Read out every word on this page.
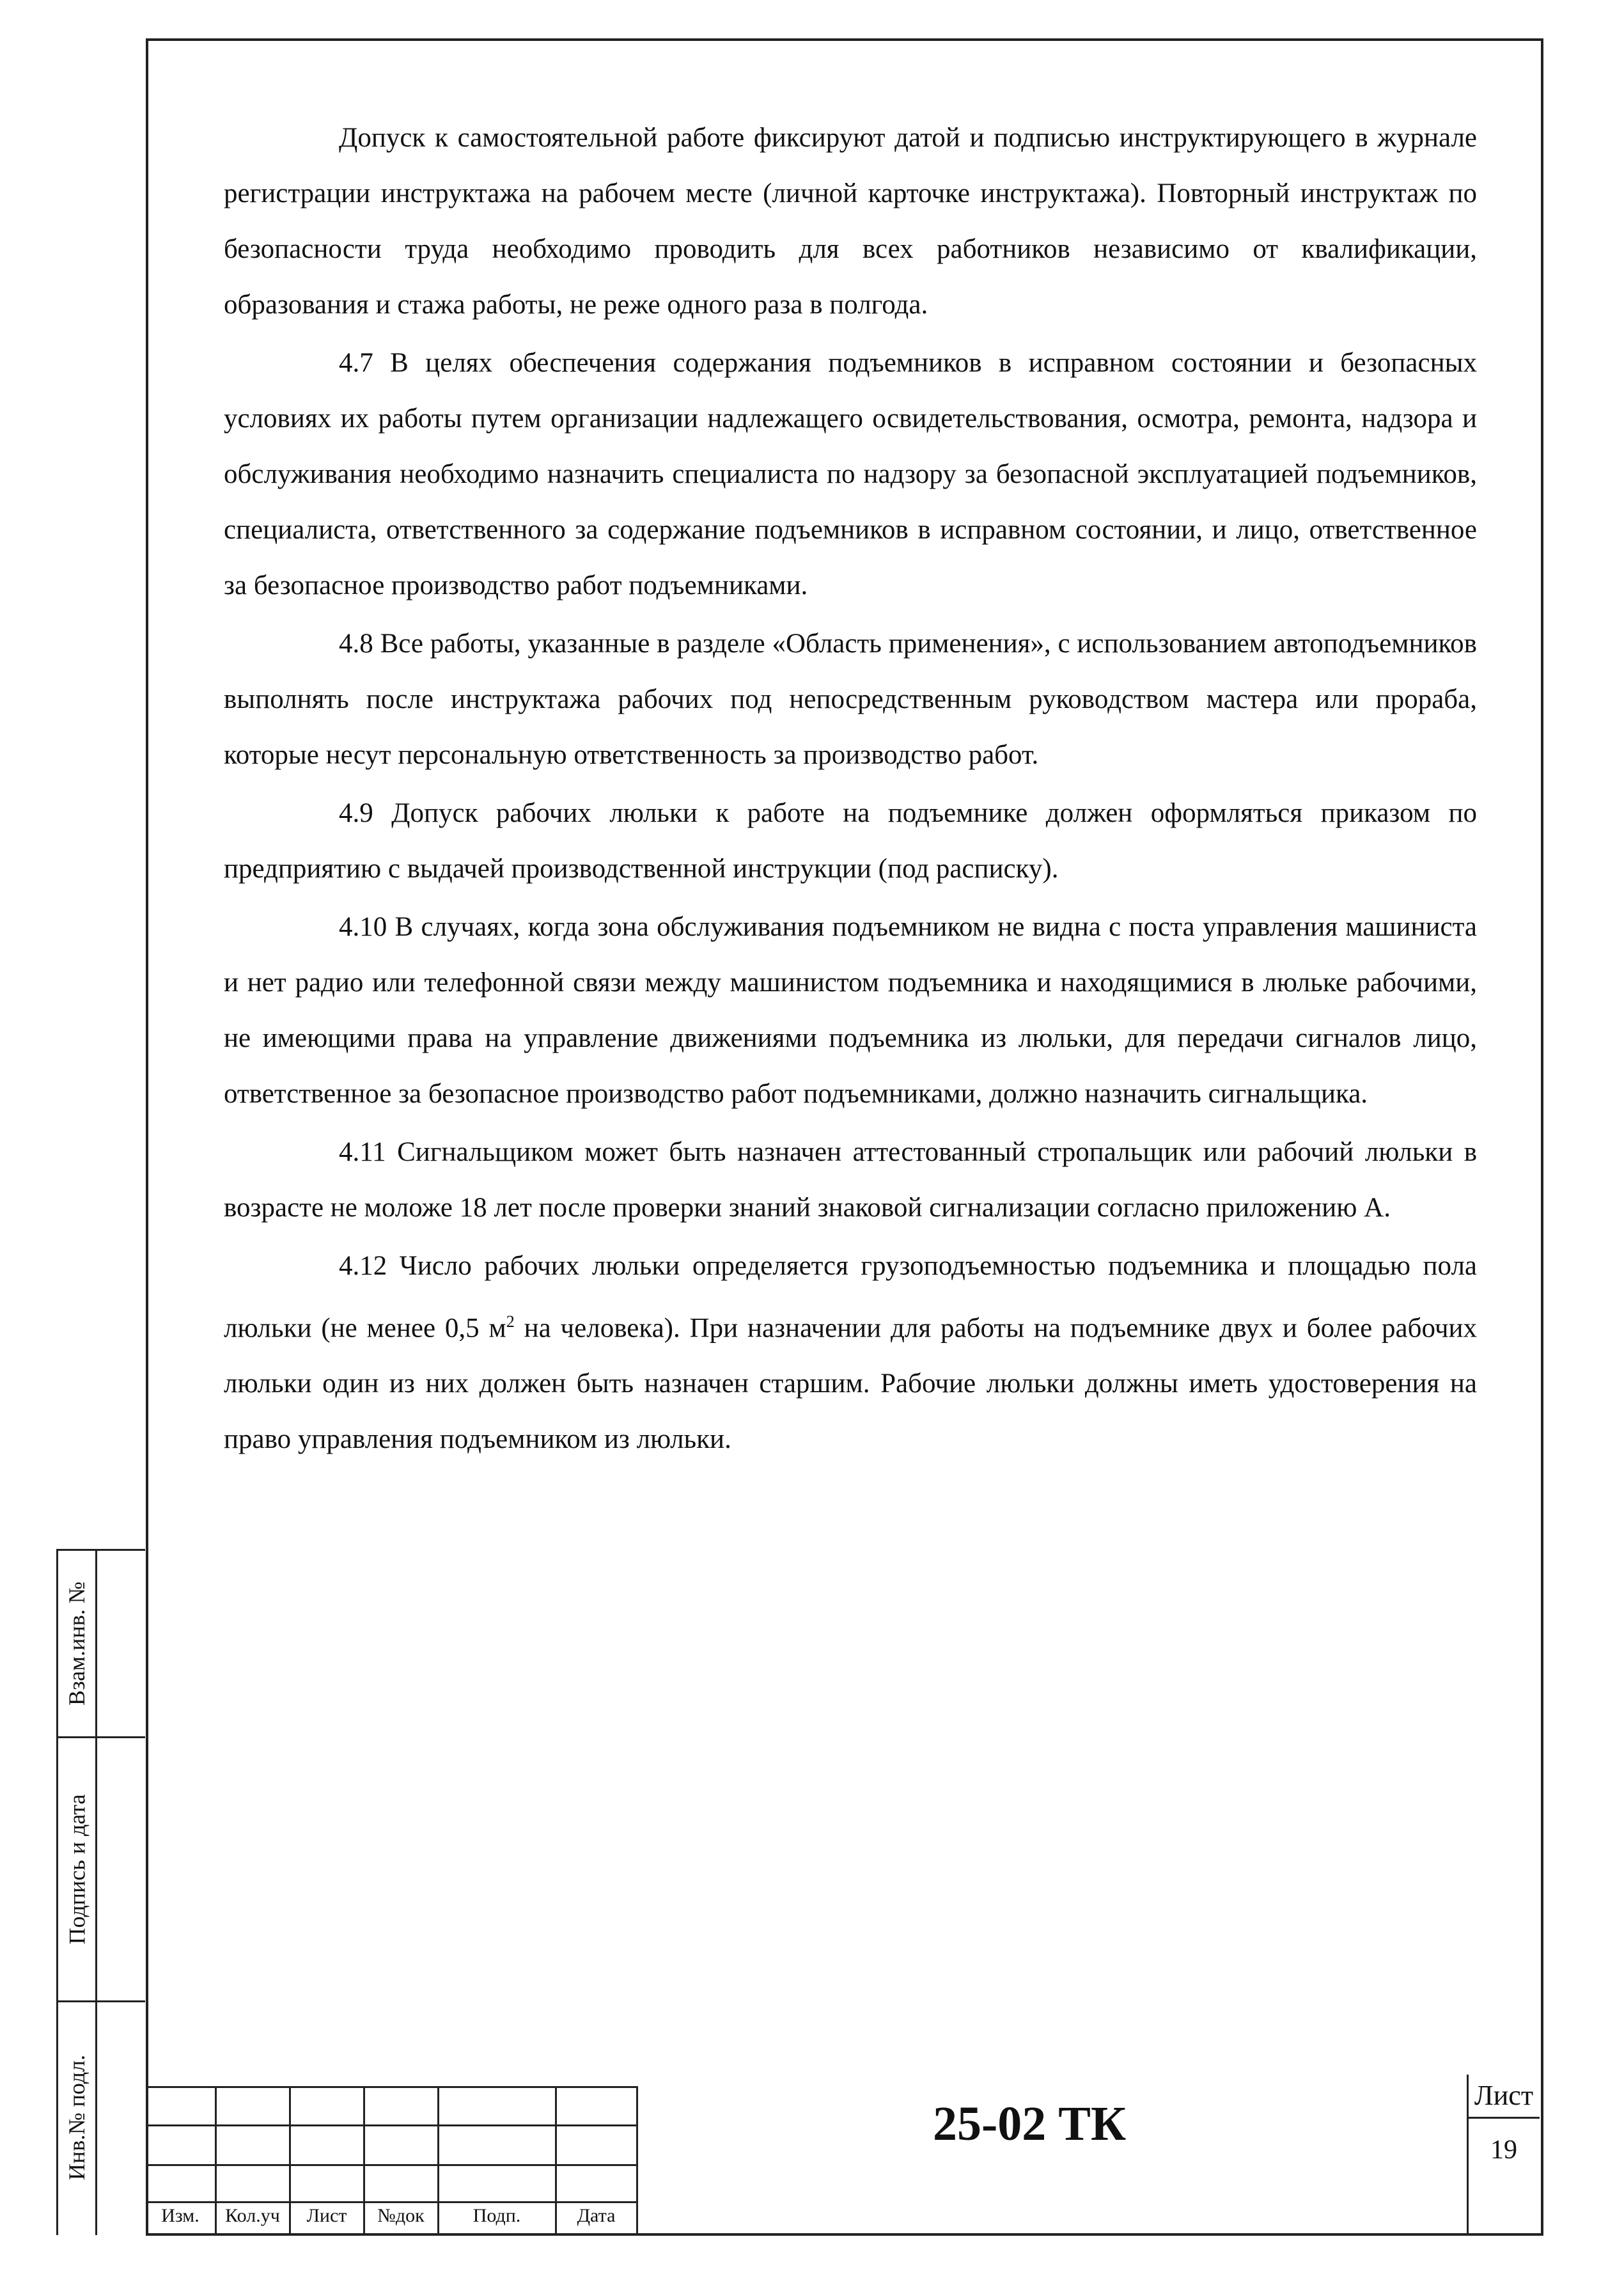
Допуск к самостоятельной работе фиксируют датой и подписью инструктирующего в журнале регистрации инструктажа на рабочем месте (личной карточке инструктажа). Повторный инструктаж по безопасности труда необходимо проводить для всех работников независимо от квалификации, образования и стажа работы, не реже одного раза в полгода.

4.7 В целях обеспечения содержания подъемников в исправном состоянии и безопасных условиях их работы путем организации надлежащего освидетельствования, осмотра, ремонта, надзора и обслуживания необходимо назначить специалиста по надзору за безопасной эксплуатацией подъемников, специалиста, ответственного за содержание подъемников в исправном состоянии, и лицо, ответственное за безопасное производство работ подъемниками.

4.8 Все работы, указанные в разделе «Область применения», с использованием автоподъемников выполнять после инструктажа рабочих под непосредственным руководством мастера или прораба, которые несут персональную ответственность за производство работ.

4.9 Допуск рабочих люльки к работе на подъемнике должен оформляться приказом по предприятию с выдачей производственной инструкции (под расписку).

4.10 В случаях, когда зона обслуживания подъемником не видна с поста управления машиниста и нет радио или телефонной связи между машинистом подъемника и находящимися в люльке рабочими, не имеющими права на управление движениями подъемника из люльки, для передачи сигналов лицо, ответственное за безопасное производство работ подъемниками, должно назначить сигнальщика.

4.11 Сигнальщиком может быть назначен аттестованный стропальщик или рабочий люльки в возрасте не моложе 18 лет после проверки знаний знаковой сигнализации согласно приложению А.

4.12 Число рабочих люльки определяется грузоподъемностью подъемника и площадью пола люльки (не менее 0,5 $м^2$ на человека). При назначении для работы на подъемнике двух и более рабочих люльки один из них должен быть назначен старшим. Рабочие люльки должны иметь удостоверения на право управления подъемником из люльки.

Взам.инв. №
Подпись и дата
Инв.№ подл.
Изм.	Кол.уч	Лист	№док	Подп.	Дата
25-02 ТК
Лист
19
